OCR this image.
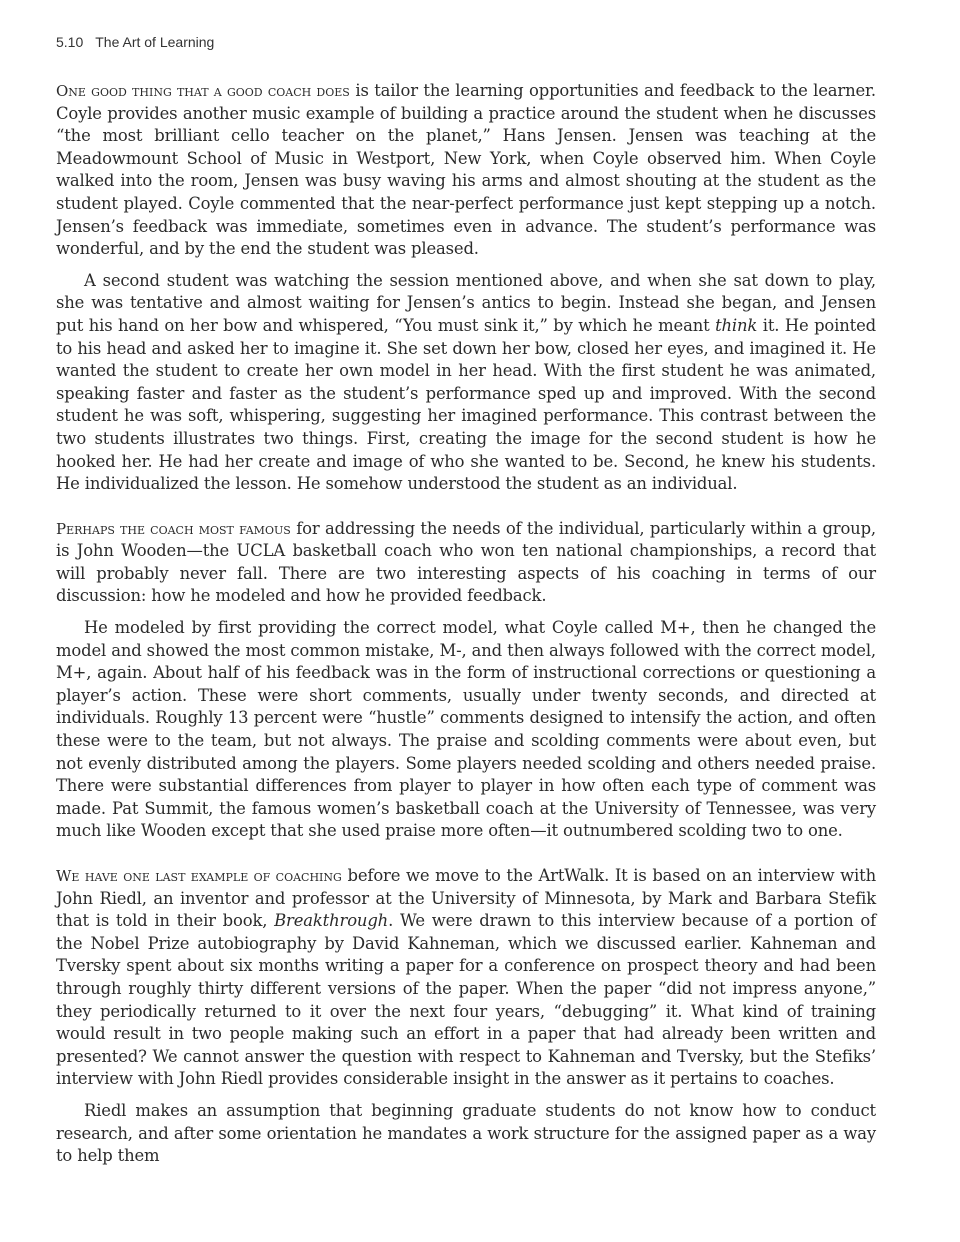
5.10 The Art of Learning

One good thing that a good coach does is tailor the learning opportunities and feedback to the learner. Coyle provides another music example of building a practice around the student when he discusses “the most brilliant cello teacher on the planet,” Hans Jensen. Jensen was teaching at the Meadowmount School of Music in Westport, New York, when Coyle observed him. When Coyle walked into the room, Jensen was busy waving his arms and almost shouting at the student as the student played. Coyle commented that the near-perfect performance just kept stepping up a notch. Jensen’s feedback was immediate, sometimes even in advance. The student’s performance was wonderful, and by the end the student was pleased.

A second student was watching the session mentioned above, and when she sat down to play, she was tentative and almost waiting for Jensen’s antics to begin. Instead she began, and Jensen put his hand on her bow and whispered, “You must sink it,” by which he meant think it. He pointed to his head and asked her to imagine it. She set down her bow, closed her eyes, and imagined it. He wanted the student to create her own model in her head. With the first student he was animated, speaking faster and faster as the student’s performance sped up and improved. With the second student he was soft, whispering, suggesting her imagined performance. This contrast between the two students illustrates two things. First, creating the image for the second student is how he hooked her. He had her create and image of who she wanted to be. Second, he knew his students. He individualized the lesson. He somehow understood the student as an individual.

Perhaps the coach most famous for addressing the needs of the individual, particularly within a group, is John Wooden—the UCLA basketball coach who won ten national championships, a record that will probably never fall. There are two interesting aspects of his coaching in terms of our discussion: how he modeled and how he provided feedback.

He modeled by first providing the correct model, what Coyle called M+, then he changed the model and showed the most common mistake, M-, and then always followed with the correct model, M+, again. About half of his feedback was in the form of instructional corrections or questioning a player’s action. These were short comments, usually under twenty seconds, and directed at individuals. Roughly 13 percent were “hustle” comments designed to intensify the action, and often these were to the team, but not always. The praise and scolding comments were about even, but not evenly distributed among the players. Some players needed scolding and others needed praise. There were substantial differences from player to player in how often each type of comment was made. Pat Summit, the famous women’s basketball coach at the University of Tennessee, was very much like Wooden except that she used praise more often—it outnumbered scolding two to one.

We have one last example of coaching before we move to the ArtWalk. It is based on an interview with John Riedl, an inventor and professor at the University of Minnesota, by Mark and Barbara Stefik that is told in their book, Breakthrough. We were drawn to this interview because of a portion of the Nobel Prize autobiography by David Kahneman, which we discussed earlier. Kahneman and Tversky spent about six months writing a paper for a conference on prospect theory and had been through roughly thirty different versions of the paper. When the paper “did not impress anyone,” they periodically returned to it over the next four years, “debugging” it. What kind of training would result in two people making such an effort in a paper that had already been written and presented? We cannot answer the question with respect to Kahneman and Tversky, but the Stefiks’ interview with John Riedl provides considerable insight in the answer as it pertains to coaches.

Riedl makes an assumption that beginning graduate students do not know how to conduct research, and after some orientation he mandates a work structure for the assigned paper as a way to help them
